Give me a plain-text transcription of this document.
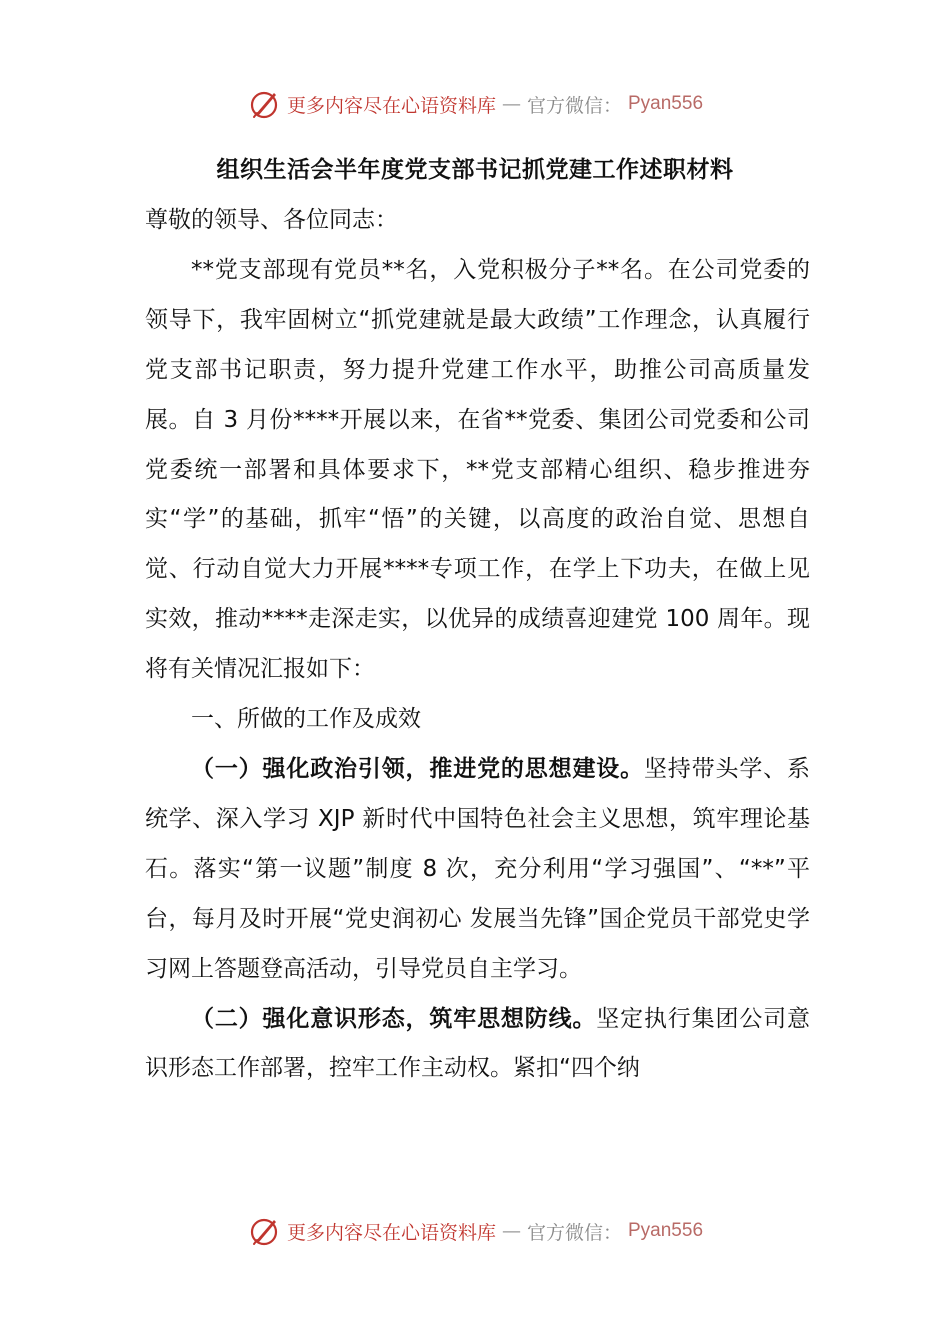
更多内容尽在心语资料库 — 官方微信： Pyan556
组织生活会半年度党支部书记抓党建工作述职材料

尊敬的领导、各位同志：

**党支部现有党员**名，入党积极分子**名。在公司党委的领导下，我牢固树立“抓党建就是最大政绩”工作理念，认真履行党支部书记职责，努力提升党建工作水平，助推公司高质量发展。自 3 月份****开展以来，在省**党委、集团公司党委和公司党委统一部署和具体要求下，**党支部精心组织、稳步推进夯实“学”的基础，抓牢“悟”的关键，以高度的政治自觉、思想自觉、行动自觉大力开展****专项工作，在学上下功夫，在做上见实效，推动****走深走实，以优异的成绩喜迎建党 100 周年。现将有关情况汇报如下：

一、所做的工作及成效

（一）强化政治引领，推进党的思想建设。坚持带头学、系统学、深入学习 XJP 新时代中国特色社会主义思想，筑牢理论基石。落实“第一议题”制度 8 次，充分利用“学习强国”、“**”平台，每月及时开展“党史润初心 发展当先锋”国企党员干部党史学习网上答题登高活动，引导党员自主学习。

（二）强化意识形态，筑牢思想防线。坚定执行集团公司意识形态工作部署，控牢工作主动权。紧扣“四个纳

更多内容尽在心语资料库 — 官方微信： Pyan556
